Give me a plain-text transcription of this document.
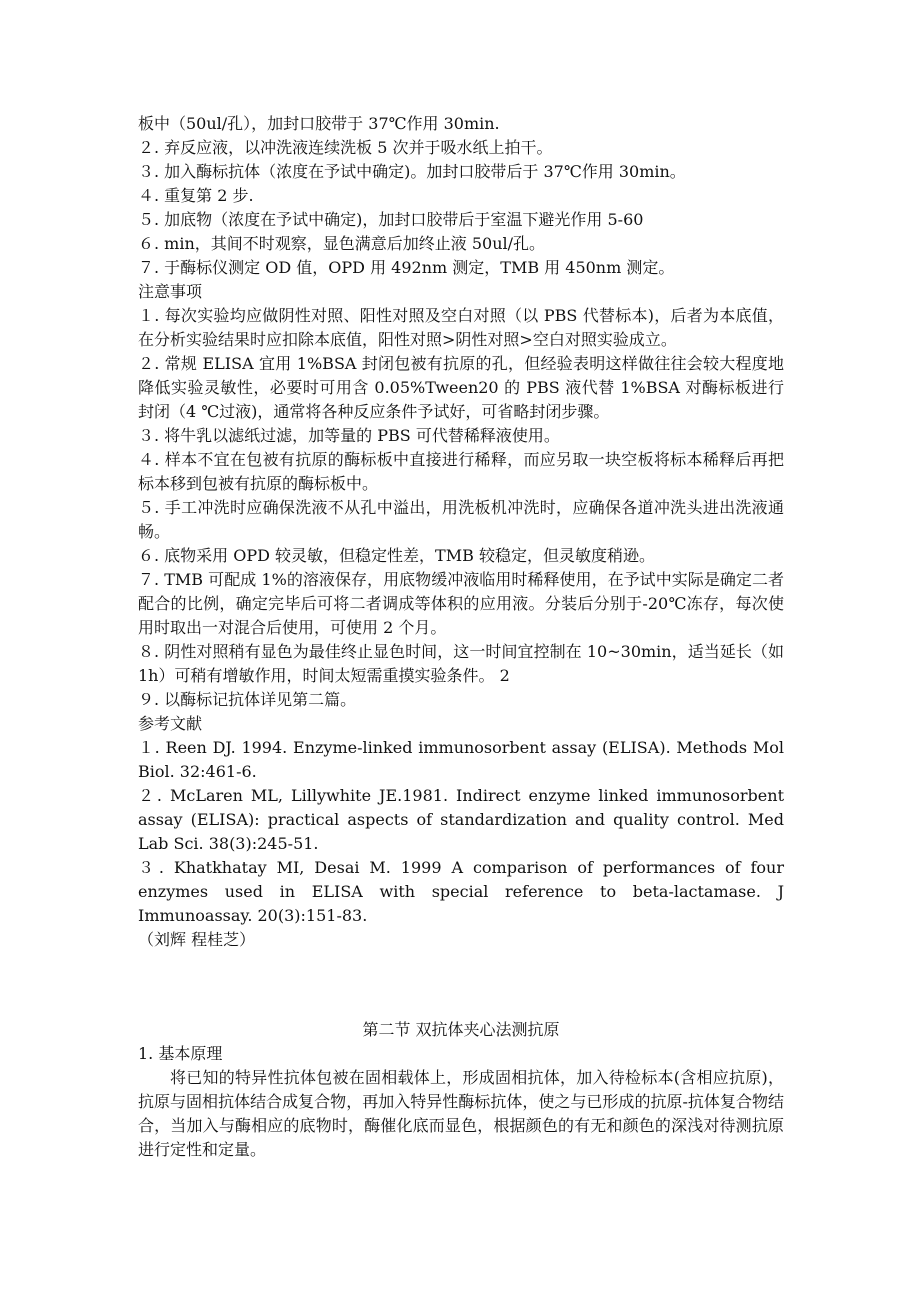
板中（50ul/孔），加封口胶带于 37℃作用 30min.

２. 弃反应液，以冲洗液连续洗板 5 次并于吸水纸上拍干。

３. 加入酶标抗体（浓度在予试中确定)。加封口胶带后于 37℃作用 30min。

４. 重复第 2 步.

５. 加底物（浓度在予试中确定)，加封口胶带后于室温下避光作用 5-60

６. min，其间不时观察，显色满意后加终止液 50ul/孔。

７. 于酶标仪测定 OD 值，OPD 用 492nm 测定，TMB 用 450nm 测定。

注意事项

１. 每次实验均应做阴性对照、阳性对照及空白对照（以 PBS 代替标本)，后者为本底值，在分析实验结果时应扣除本底值，阳性对照>阴性对照>空白对照实验成立。

２. 常规 ELISA 宜用 1%BSA 封闭包被有抗原的孔，但经验表明这样做往往会较大程度地降低实验灵敏性，必要时可用含 0.05%Tween20 的 PBS 液代替 1%BSA 对酶标板进行封闭（4 ℃过液)，通常将各种反应条件予试好，可省略封闭步骤。

３. 将牛乳以滤纸过滤，加等量的 PBS 可代替稀释液使用。

４. 样本不宜在包被有抗原的酶标板中直接进行稀释，而应另取一块空板将标本稀释后再把标本移到包被有抗原的酶标板中。

５. 手工冲洗时应确保洗液不从孔中溢出，用洗板机冲洗时，应确保各道冲洗头进出洗液通畅。

６. 底物采用 OPD 较灵敏，但稳定性差，TMB 较稳定，但灵敏度稍逊。

７. TMB 可配成 1%的溶液保存，用底物缓冲液临用时稀释使用，在予试中实际是确定二者配合的比例，确定完毕后可将二者调成等体积的应用液。分装后分别于-20℃冻存，每次使用时取出一对混合后使用，可使用 2 个月。

８. 阴性对照稍有显色为最佳终止显色时间，这一时间宜控制在 10~30min，适当延长（如 1h）可稍有增敏作用，时间太短需重摸实验条件。 2

９. 以酶标记抗体详见第二篇。

参考文献

１. Reen DJ. 1994. Enzyme-linked immunosorbent assay (ELISA). Methods Mol Biol. 32:461-6.

２. McLaren ML, Lillywhite JE.1981. Indirect enzyme linked immunosorbent assay (ELISA): practical aspects of standardization and quality control. Med Lab Sci. 38(3):245-51.

３. Khatkhatay MI, Desai M. 1999 A comparison of performances of four enzymes used in ELISA with special reference to beta-lactamase. J Immunoassay. 20(3):151-83.

（刘辉 程桂芝）

第二节 双抗体夹心法测抗原

1. 基本原理

将已知的特异性抗体包被在固相载体上，形成固相抗体，加入待检标本(含相应抗原)，抗原与固相抗体结合成复合物，再加入特异性酶标抗体，使之与已形成的抗原-抗体复合物结合，当加入与酶相应的底物时，酶催化底而显色，根据颜色的有无和颜色的深浅对待测抗原进行定性和定量。
